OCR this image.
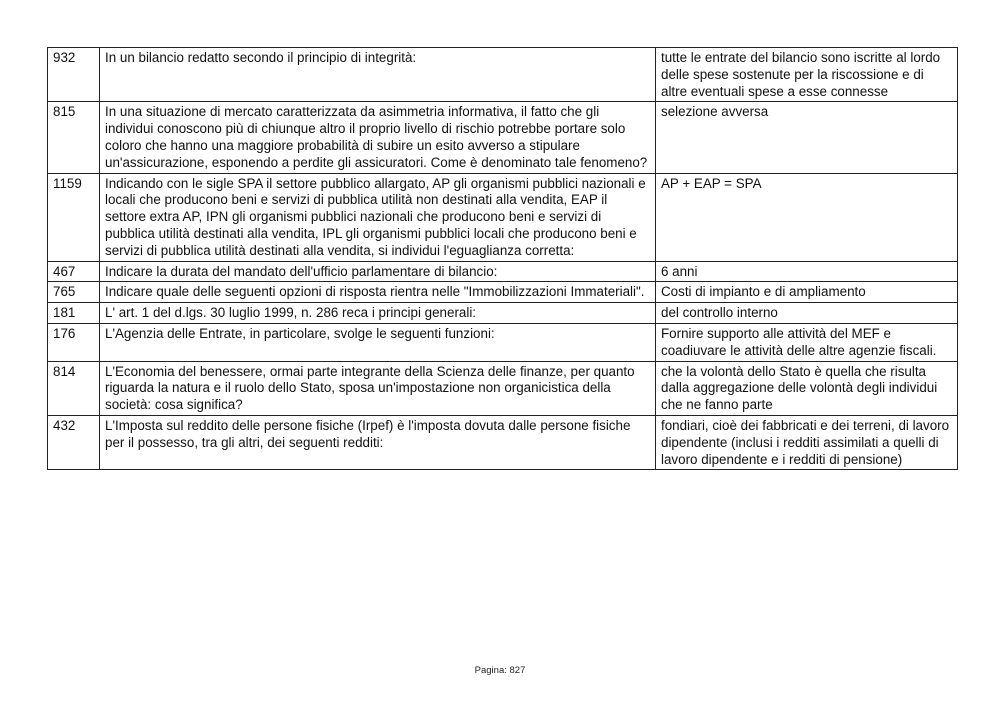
932	In un bilancio redatto secondo il principio di integrità:	tutte le entrate del bilancio sono iscritte al lordo delle spese sostenute per la riscossione e di altre eventuali spese a esse connesse
815	In una situazione di mercato caratterizzata da asimmetria informativa, il fatto che gli individui conoscono più di chiunque altro il proprio livello di rischio potrebbe portare solo coloro che hanno una maggiore probabilità di subire un esito avverso a stipulare un'assicurazione, esponendo a perdite gli assicuratori. Come è denominato tale fenomeno?	selezione avversa
1159	Indicando con le sigle SPA il settore pubblico allargato, AP gli organismi pubblici nazionali e locali che producono beni e servizi di pubblica utilità non destinati alla vendita, EAP il settore extra AP, IPN gli organismi pubblici nazionali che producono beni e servizi di pubblica utilità destinati alla vendita, IPL gli organismi pubblici locali che producono beni e servizi di pubblica utilità destinati alla vendita, si individui l'eguaglianza corretta:	AP + EAP = SPA
467	Indicare la durata del mandato dell'ufficio parlamentare di bilancio:	6 anni
765	Indicare quale delle seguenti opzioni di risposta rientra nelle "Immobilizzazioni Immateriali".	Costi di impianto e di ampliamento
181	L' art. 1 del d.lgs. 30 luglio 1999, n. 286 reca i principi generali:	del controllo interno
176	L'Agenzia delle Entrate, in particolare, svolge le seguenti funzioni:	Fornire supporto alle attività del MEF e coadiuvare le attività delle altre agenzie fiscali.
814	L'Economia del benessere, ormai parte integrante della Scienza delle finanze, per quanto riguarda la natura e il ruolo dello Stato, sposa un'impostazione non organicistica della società: cosa significa?	che la volontà dello Stato è quella che risulta dalla aggregazione delle volontà degli individui che ne fanno parte
432	L'Imposta sul reddito delle persone fisiche (Irpef) è l'imposta dovuta dalle persone fisiche per il possesso, tra gli altri, dei seguenti redditi:	fondiari, cioè dei fabbricati e dei terreni, di lavoro dipendente (inclusi i redditi assimilati a quelli di lavoro dipendente e i redditi di pensione)
Pagina: 827
